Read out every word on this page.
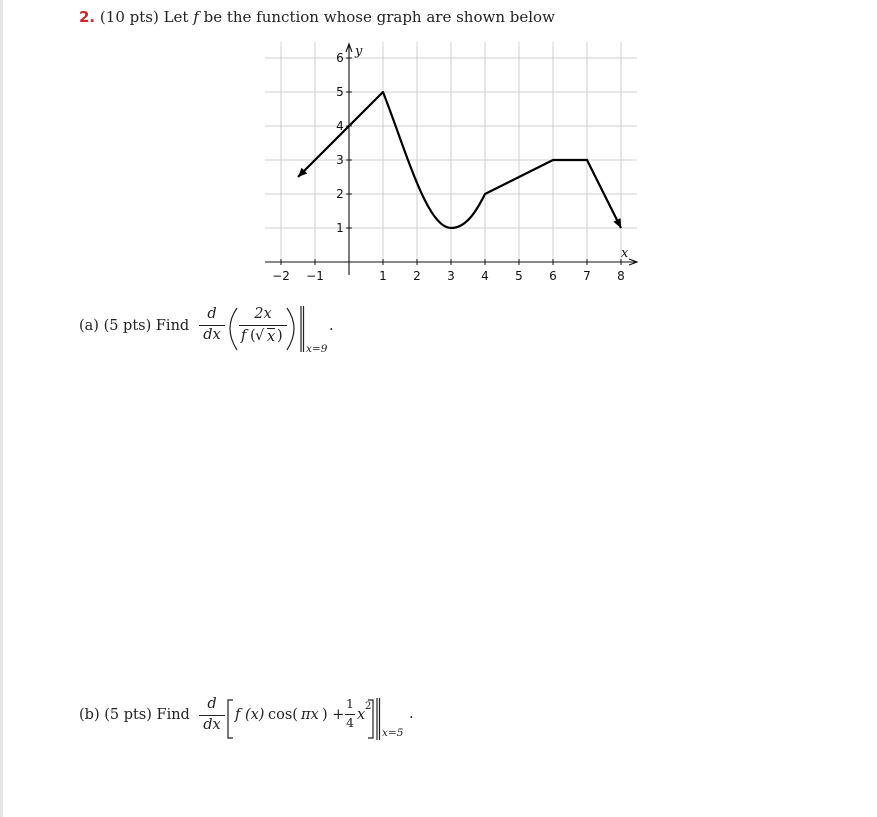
2. (10 pts) Let f be the function whose graph are shown below
−2 −1	1 2 3 4 5 6 7 8
1
2
3
4
5
6
x
y
(a) (5 pts) Find
d
dx
2x
f ( √ x )
x=9
.
(b) (5 pts) Find
d
dx
f (x) cos( πx ) +
1
4 x
2
x=5
.
